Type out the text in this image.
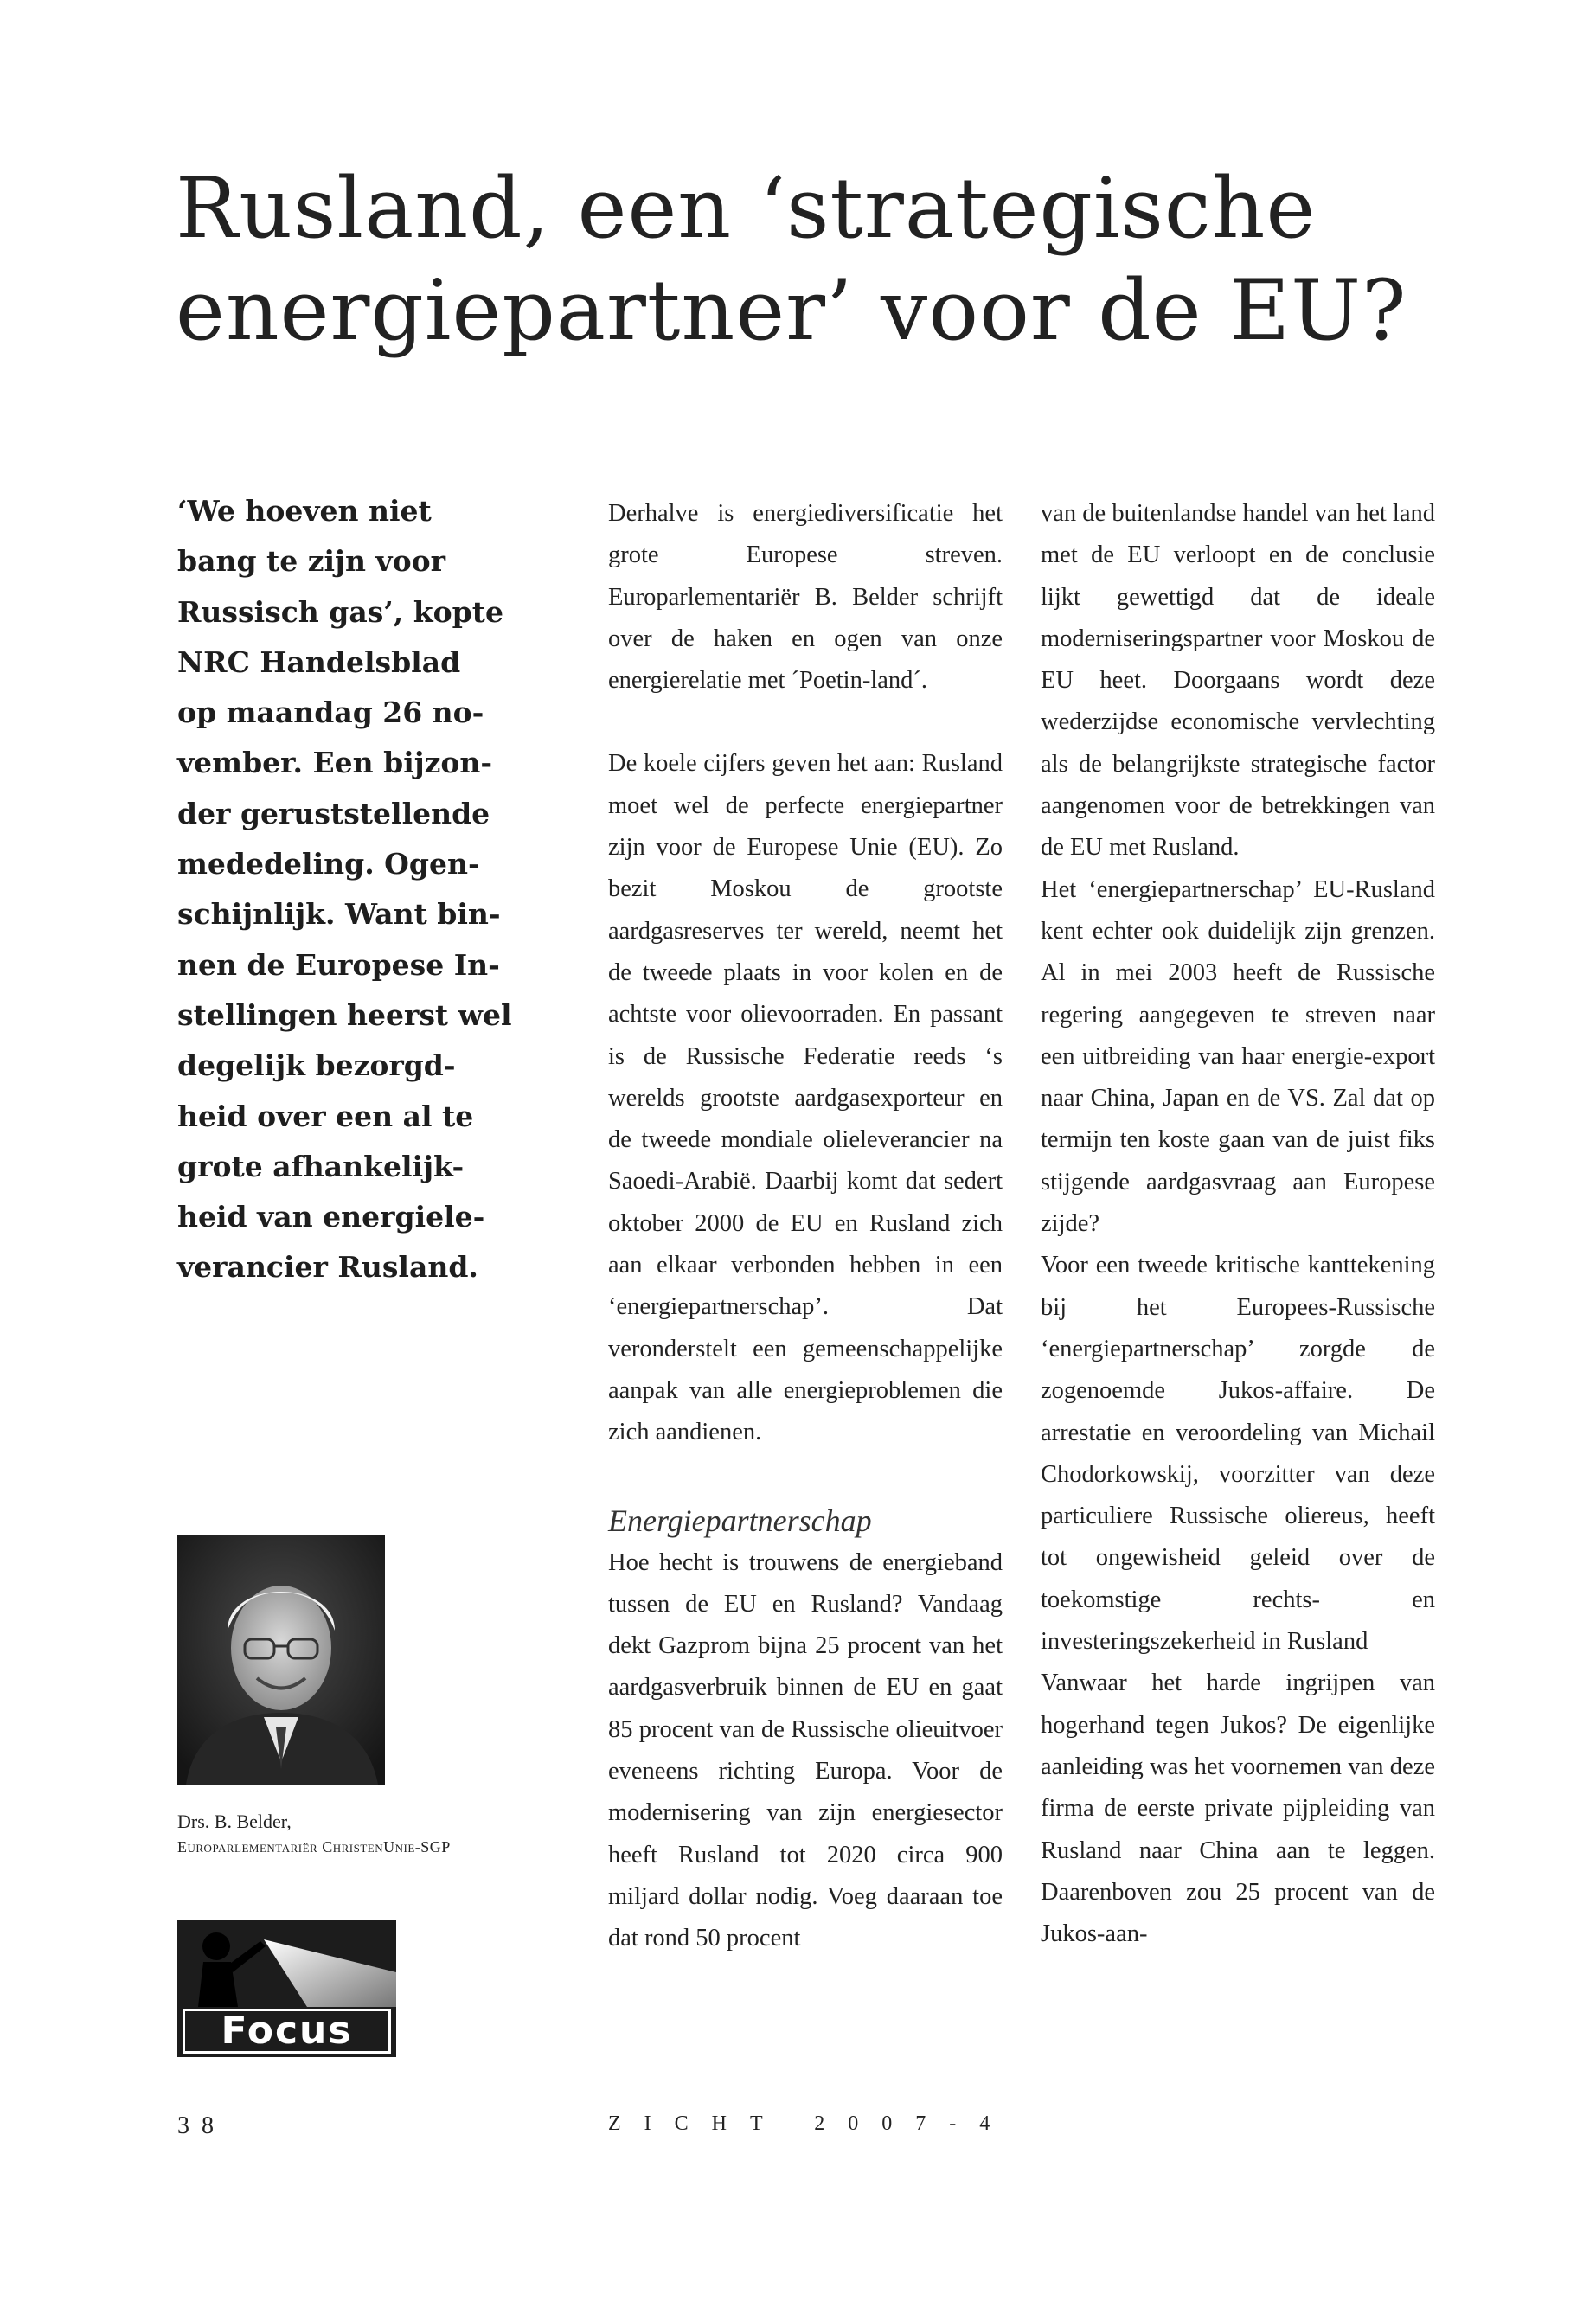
Rusland, een ‘strategische
energiepartner’ voor de EU?
‘We hoeven niet
bang te zijn voor
Russisch gas’, kopte
NRC Handelsblad
op maandag 26 no-
vember. Een bijzon-
der geruststellende
mededeling. Ogen-
schijnlijk. Want bin-
nen de Europese In-
stellingen heerst wel
degelijk bezorgd-
heid over een al te
grote afhankelijk-
heid van energiele-
verancier Rusland.

Derhalve is energiediversificatie het grote Europese streven. Europarlementariër B. Belder schrijft over de haken en ogen van onze energierelatie met ´Poetin-land´.

De koele cijfers geven het aan: Rusland moet wel de perfecte energiepartner zijn voor de Europese Unie (EU). Zo bezit Moskou de grootste aardgasreserves ter wereld, neemt het de tweede plaats in voor kolen en de achtste voor olievoorraden. En passant is de Russische Federatie reeds ‘s werelds grootste aardgasexporteur en de tweede mondiale olieleverancier na Saoedi-Arabië. Daarbij komt dat sedert oktober 2000 de EU en Rusland zich aan elkaar verbonden hebben in een ‘energiepartnerschap’. Dat veronderstelt een gemeenschappelijke aanpak van alle energieproblemen die zich aandienen.

Energiepartnerschap

Hoe hecht is trouwens de energieband tussen de EU en Rusland? Vandaag dekt Gazprom bijna 25 procent van het aardgasverbruik binnen de EU en gaat 85 procent van de Russische olieuitvoer eveneens richting Europa. Voor de modernisering van zijn energiesector heeft Rusland tot 2020 circa 900 miljard dollar nodig. Voeg daaraan toe dat rond 50 procent

van de buitenlandse handel van het land met de EU verloopt en de conclusie lijkt gewettigd dat de ideale moderniseringspartner voor Moskou de EU heet. Doorgaans wordt deze wederzijdse economische vervlechting als de belangrijkste strategische factor aangenomen voor de betrekkingen van de EU met Rusland.

Het ‘energiepartnerschap’ EU-Rusland kent echter ook duidelijk zijn grenzen. Al in mei 2003 heeft de Russische regering aangegeven te streven naar een uitbreiding van haar energie-export naar China, Japan en de VS. Zal dat op termijn ten koste gaan van de juist fiks stijgende aardgasvraag aan Europese zijde?

Voor een tweede kritische kanttekening bij het Europees-Russische ‘energiepartnerschap’ zorgde de zogenoemde Jukos-affaire. De arrestatie en veroordeling van Michail Chodorkowskij, voorzitter van deze particuliere Russische oliereus, heeft tot ongewisheid geleid over de toekomstige rechts- en investeringszekerheid in Rusland

Vanwaar het harde ingrijpen van hogerhand tegen Jukos? De eigenlijke aanleiding was het voornemen van deze firma de eerste private pijpleiding van Rusland naar China aan te leggen. Daarenboven zou 25 procent van de Jukos-aan-

Drs. B. Belder,
Europarlementariër ChristenUnie-SGP
Focus
38	ZICHT 2007-4
